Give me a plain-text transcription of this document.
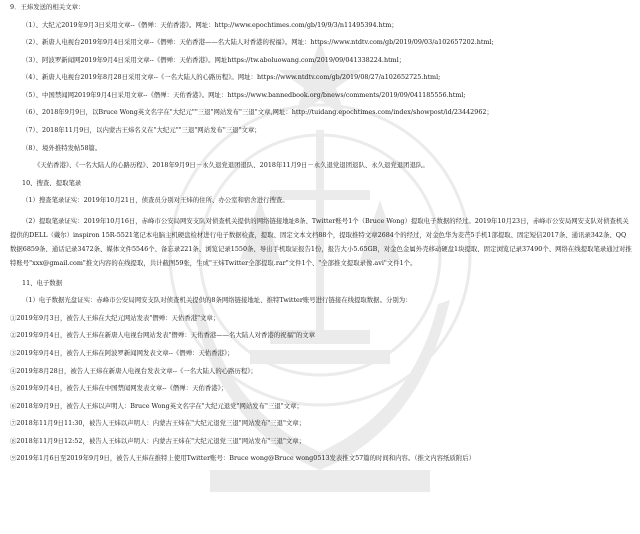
9．王炜发送的相关文章：

（1）、大纪元2019年9月3日采用文章--《僭殚：天佑香港》。网址：http://www.epochtimes.com/gb/19/9/3/n11495394.htm；

（2）、新唐人电视台2019年9月4日采用文章--《僭殚：天佑香港——名大陆人对香港的祝福》。网址：https://www.ntdtv.com/gb/2019/09/03/a102657202.html;

（3）、阿波罗新闻网2019年9月4日采用文章--《僭殚：天佑香港》。网址https://tw.aboluowang.com/2019/09/041338224.html；

（4）、新唐人电视台2019年8月28日采用文章--《一名大陆人的心路历程》。网址：https://www.ntdtv.com/gb/2019/08/27/a102652725.html;

（5）、中国禁闻网2019年9月4日采用文章--《僭殚：天佑香港》。网址：https://www.bannedbook.org/bnews/comments/2019/09/041185556.html;

（6）、2018年9月9日，以Bruce Wong英文名字在"大纪元""三退"网站发布"三退"文章,网址：http://tuidang.epochtimes.com/index/showpost/id/23442962；

（7）、2018年11月9日，以内蒙古王炜名义在"大纪元""三退"网站发布"三退"文章；

（8）、境外推特发帖58篇。

《天佑香港》、《一名大陆人的心路历程》、2018年9月9日－永久退党退团退队、2018年11月9日－永久退党退团退队、永久退党退团退队。

10、搜查、提取笔录

（1）搜查笔录证实：2019年10月21日，侦查员分别对王炜的住所、办公室和宿舍进行搜查。

（2）提取笔录证实：2019年10月16日，赤峰市公安局网安支队对侦查机关提供的网络链接地址8条、Twitter账号1个（Bruce Wong）提取电子数据的经过。2019年10月23日，赤峰市公安局网安支队对侦查机关提供的DELL（戴尔）inspiron 15R-5521笔记本电脑主机硬盘检材进行电子数据检查，提取、固定文本文档88个，提取推特文章2684个的经过，对金色华为麦芒5手机1部提取、固定短信2017条、通讯录342条、QQ数据6859条、通话记录3472条、媒体文件5546个、备忘录221条、浏览记录1550条、导出手机取证报告1份，报告大小5.65GB，对金色金属外壳移动硬盘1块提取、固定浏览记录37490个、网络在线提取笔录通过对推特账号"xxx@gmail.com"推文内容的在线提取，共计截图59张，生成"王炜Twitter全部提取.rar"文件1个、"全部推文提取录像.avi"文件1个。

11、电子数据

（1）电子数据光盘证实：赤峰市公安局网安支队对侦查机关提供的8条网络链接地址、推特Twitter账号进行链接在线提取数据。分别为：

①2019年9月3日，被告人王炜在大纪元网站发表"僭殚：天佑香港"文章；

②2019年9月4日，被告人王炜在新唐人电视台网站发表"僭殚：天佑香港——名大陆人对香港的祝福"的文章

③2019年9月4日，被告人王炜在阿波罗新闻网发表文章--《僭殚：天佑香港》；

④2019年8月28日，被告人王炜在新唐人电视台发表文章--《一名大陆人的心路历程》；

⑤2019年9月4日，被告人王炜在中国禁闻网发表文章--《僭殚：天佑香港》；

⑥2018年9月9日，被告人王炜以声明人：Bruce Wong英文名字在"大纪元退党"网站发布"三退"文章；

⑦2018年11月9日11:30，被告人王炜以声明人：内蒙古王炜在"大纪元退党三退"网站发布"三退"文章；

⑧2018年11月9日12:52，被告人王炜以声明人：内蒙古王炜在"大纪元退党三退"网站发布"三退"文章；

⑨2019年1月6日至2019年9月9日，被告人王炜在推特上使用Twitter账号：Bruce wong@Bruce wong0513发表推文57篇的时间和内容。（推文内容纸质附后）
